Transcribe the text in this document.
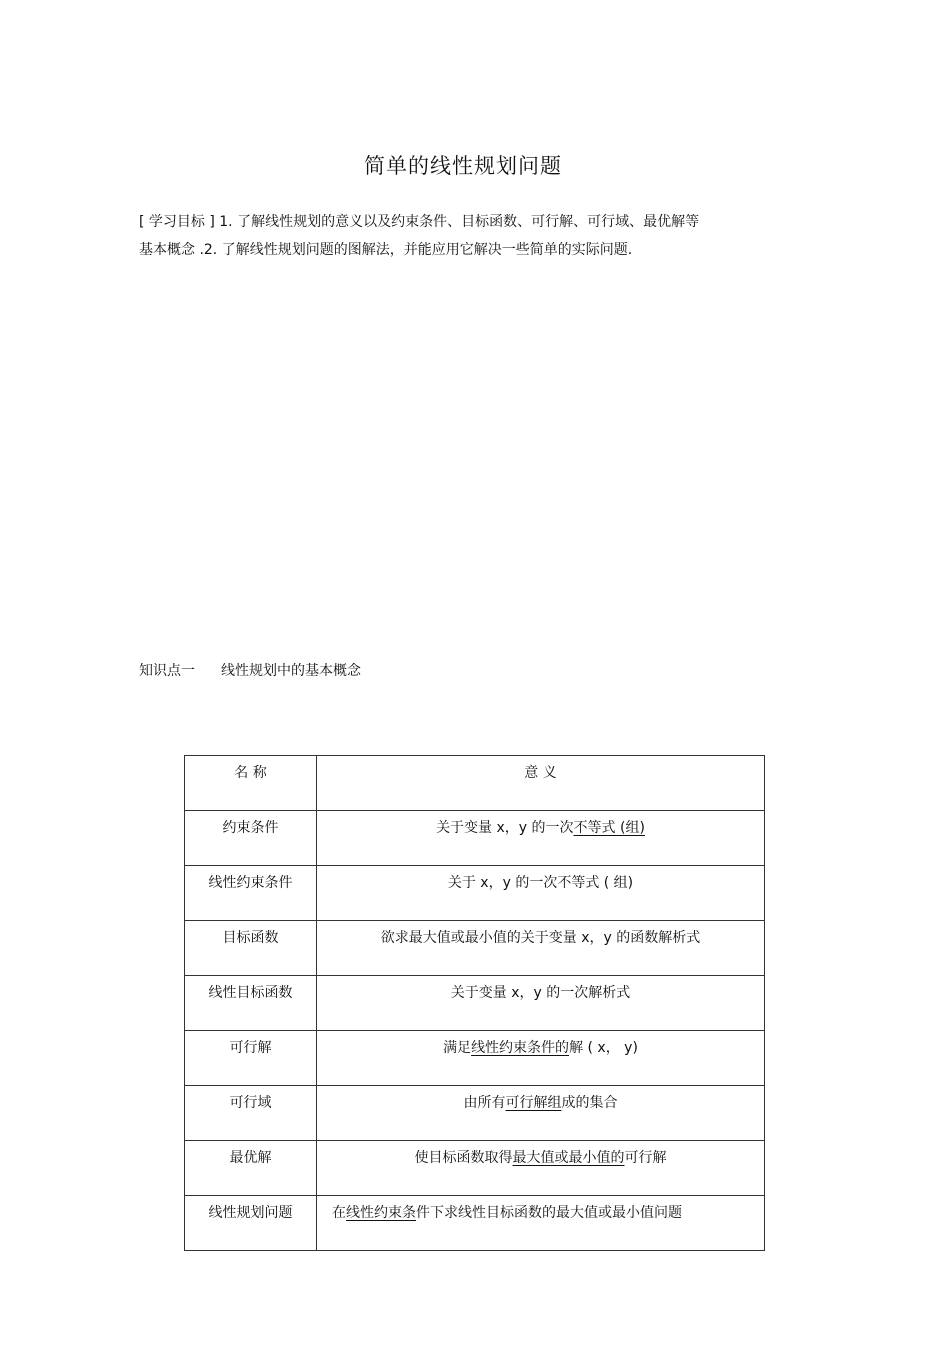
简单的线性规划问题
[ 学习目标 ] 1. 了解线性规划的意义以及约束条件、目标函数、可行解、可行域、最优解等
基本概念 .2. 了解线性规划问题的图解法，并能应用它解决一些简单的实际问题.
知识点一 线性规划中的基本概念
名 称	意 义
约束条件	关于变量 x，y 的一次不等式 (组)
线性约束条件	关于 x，y 的一次不等式 ( 组)
目标函数	欲求最大值或最小值的关于变量 x，y 的函数解析式
线性目标函数	关于变量 x，y 的一次解析式
可行解	满足线性约束条件的解 ( x， y)
可行域	由所有可行解组成的集合
最优解	使目标函数取得最大值或最小值的可行解
线性规划问题	在线性约束条件下求线性目标函数的最大值或最小值问题
